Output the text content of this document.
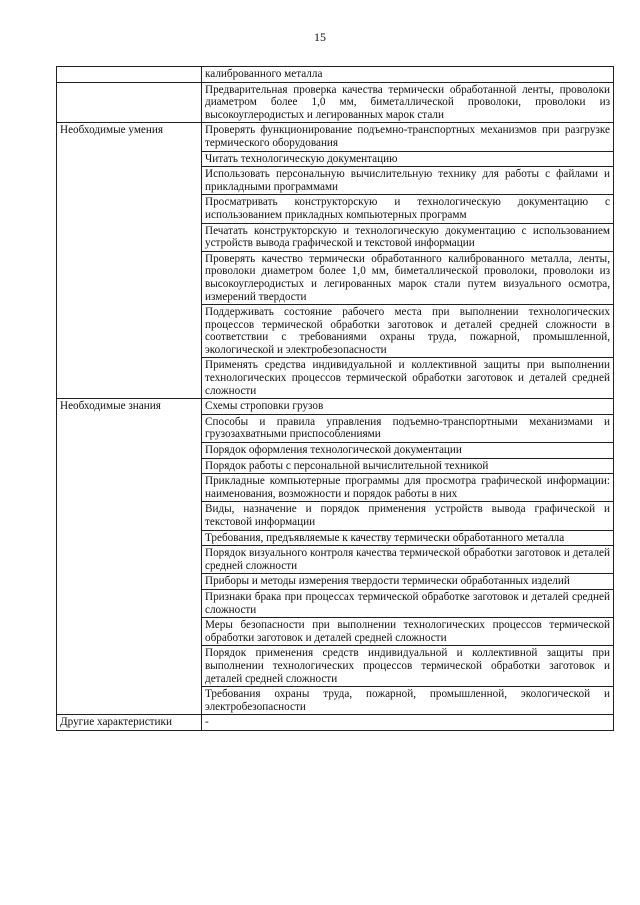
15
	калиброванного металла
	Предварительная проверка качества термически обработанной ленты, проволоки диаметром более 1,0 мм, биметаллической проволоки, проволоки из высокоуглеродистых и легированных марок стали
Необходимые умения	Проверять функционирование подъемно-транспортных механизмов при разгрузке термического оборудования
	Читать технологическую документацию
	Использовать персональную вычислительную технику для работы с файлами и прикладными программами
	Просматривать конструкторскую и технологическую документацию с использованием прикладных компьютерных программ
	Печатать конструкторскую и технологическую документацию с использованием устройств вывода графической и текстовой информации
	Проверять качество термически обработанного калиброванного металла, ленты, проволоки диаметром более 1,0 мм, биметаллической проволоки, проволоки из высокоуглеродистых и легированных марок стали путем визуального осмотра, измерений твердости
	Поддерживать состояние рабочего места при выполнении технологических процессов термической обработки заготовок и деталей средней сложности в соответствии с требованиями охраны труда, пожарной, промышленной, экологической и электробезопасности
	Применять средства индивидуальной и коллективной защиты при выполнении технологических процессов термической обработки заготовок и деталей средней сложности
Необходимые знания	Схемы строповки грузов
	Способы и правила управления подъемно-транспортными механизмами и грузозахватными приспособлениями
	Порядок оформления технологической документации
	Порядок работы с персональной вычислительной техникой
	Прикладные компьютерные программы для просмотра графической информации: наименования, возможности и порядок работы в них
	Виды, назначение и порядок применения устройств вывода графической и текстовой информации
	Требования, предъявляемые к качеству термически обработанного металла
	Порядок визуального контроля качества термической обработки заготовок и деталей средней сложности
	Приборы и методы измерения твердости термически обработанных изделий
	Признаки брака при процессах термической обработке заготовок и деталей средней сложности
	Меры безопасности при выполнении технологических процессов термической обработки заготовок и деталей средней сложности
	Порядок применения средств индивидуальной и коллективной защиты при выполнении технологических процессов термической обработки заготовок и деталей средней сложности
	Требования охраны труда, пожарной, промышленной, экологической и электробезопасности
Другие характеристики	-
